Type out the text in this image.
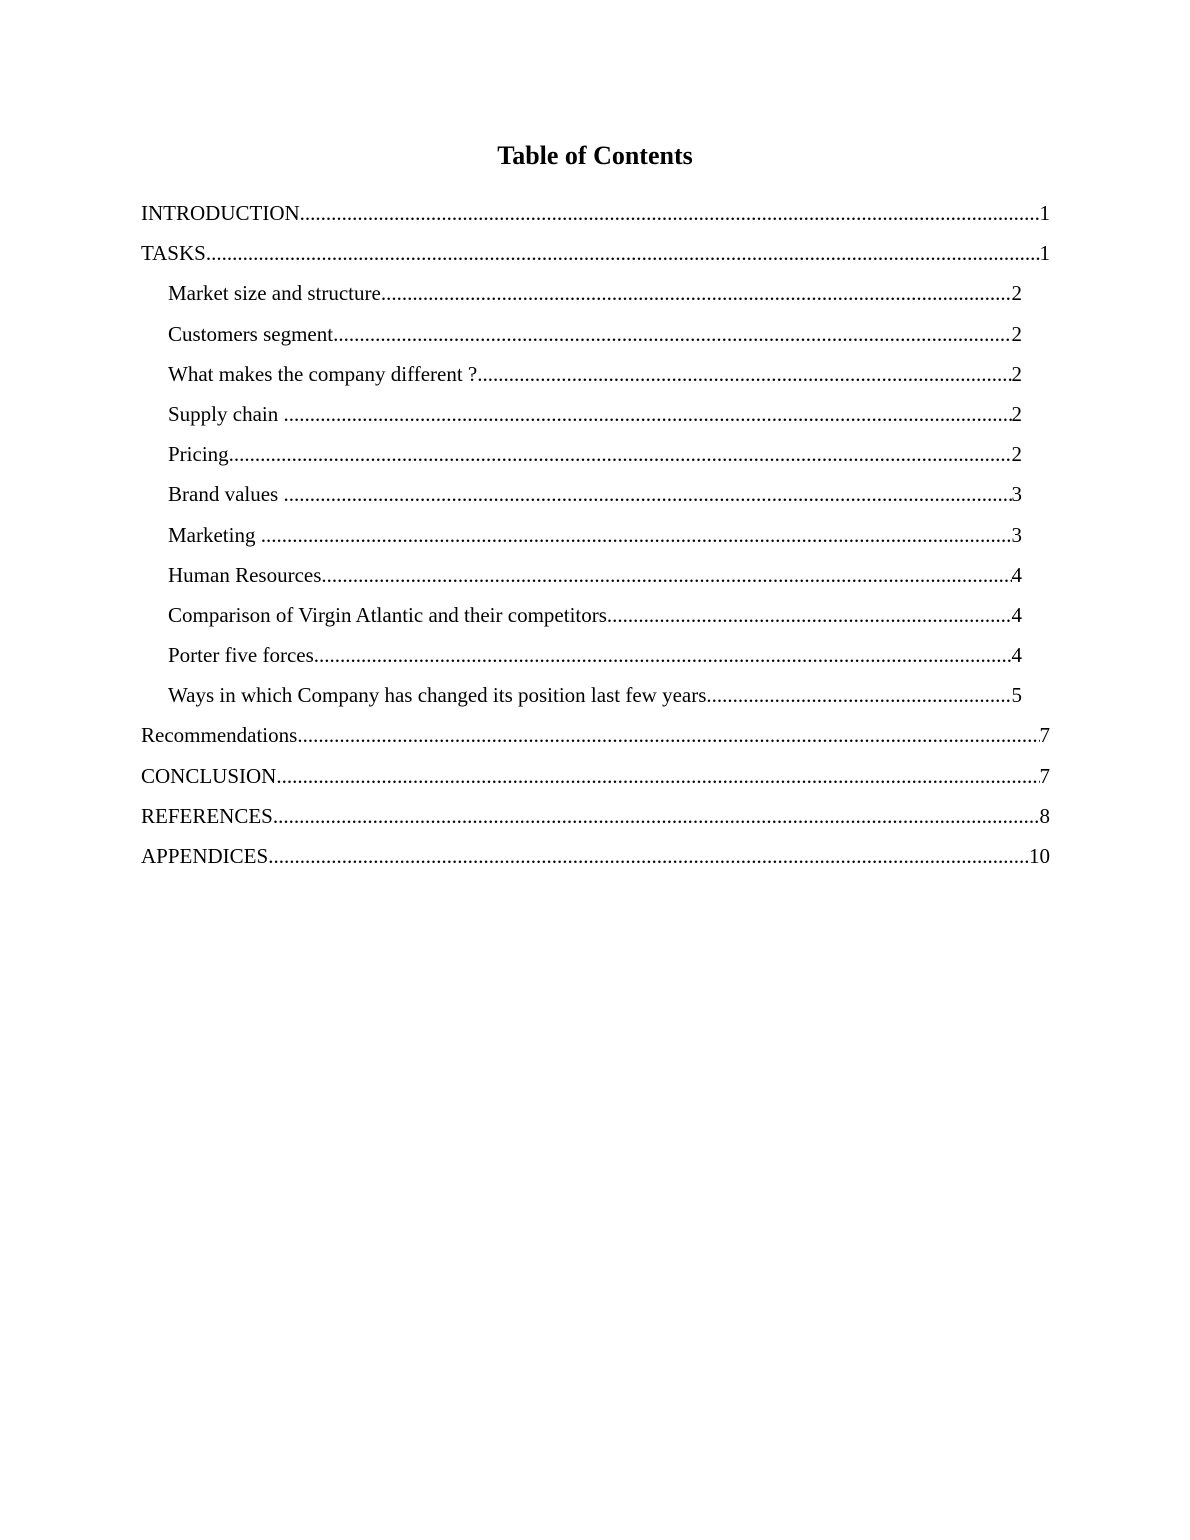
Table of Contents
INTRODUCTION .....	1
TASKS .....	1
Market size and structure .....	2
Customers segment .....	2
What makes the company different ? .....	2
Supply chain .....	2
Pricing .....	2
Brand values .....	3
Marketing .....	3
Human Resources .....	4
Comparison of Virgin Atlantic and their competitors .....	4
Porter five forces .....	4
Ways in which Company has changed its position last few years .....	5
Recommendations .....	7
CONCLUSION .....	7
REFERENCES .....	8
APPENDICES .....	10
